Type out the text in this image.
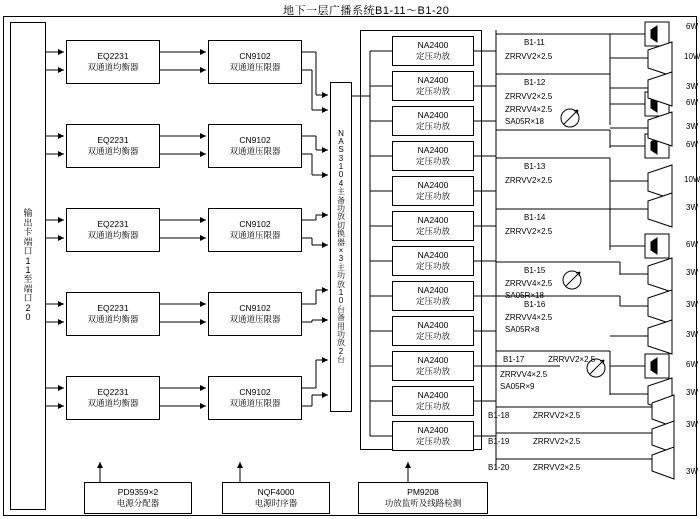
地下一层广播系统B1-11～B1-20
输
出
卡
端
口
1
1
至
端
口
2
0
EQ2231
双通道均衡器
EQ2231
双通道均衡器
EQ2231
双通道均衡器
EQ2231
双通道均衡器
EQ2231
双通道均衡器
CN9102
双通道压限器
CN9102
双通道压限器
CN9102
双通道压限器
CN9102
双通道压限器
CN9102
双通道压限器
N
A
S
3
1
0
4
主
备
功
放
切
换
器
×
3
主
功
放
1
0
台
备
用
功
放
2
台
NA2400
定压功放
NA2400
定压功放
NA2400
定压功放
NA2400
定压功放
NA2400
定压功放
NA2400
定压功放
NA2400
定压功放
NA2400
定压功放
NA2400
定压功放
NA2400
定压功放
NA2400
定压功放
NA2400
定压功放
PD9359×2
电源分配器
NQF4000
电源时序器
PM9208
功放监听及线路检测
B1-11
ZRRVV2×2.5
B1-12
ZRRVV2×2.5
ZRRVV4×2.5
SA05R×18
B1-13
ZRRVV2×2.5
B1-14
ZRRVV2×2.5
B1-15
ZRRVV4×2.5
SA05R×18
B1-16
ZRRVV4×2.5
SA05R×8
B1-17	ZRRVV2×2.5
ZRRVV4×2.5
SA05R×9
B1-18	ZRRVV2×2.5
B1-19	ZRRVV2×2.5
B1-20	ZRRVV2×2.5
6W
10W
3W
6W
3W
6W
10W
3W
6W
3W
3W
3W
6W
3W
3W
3W
